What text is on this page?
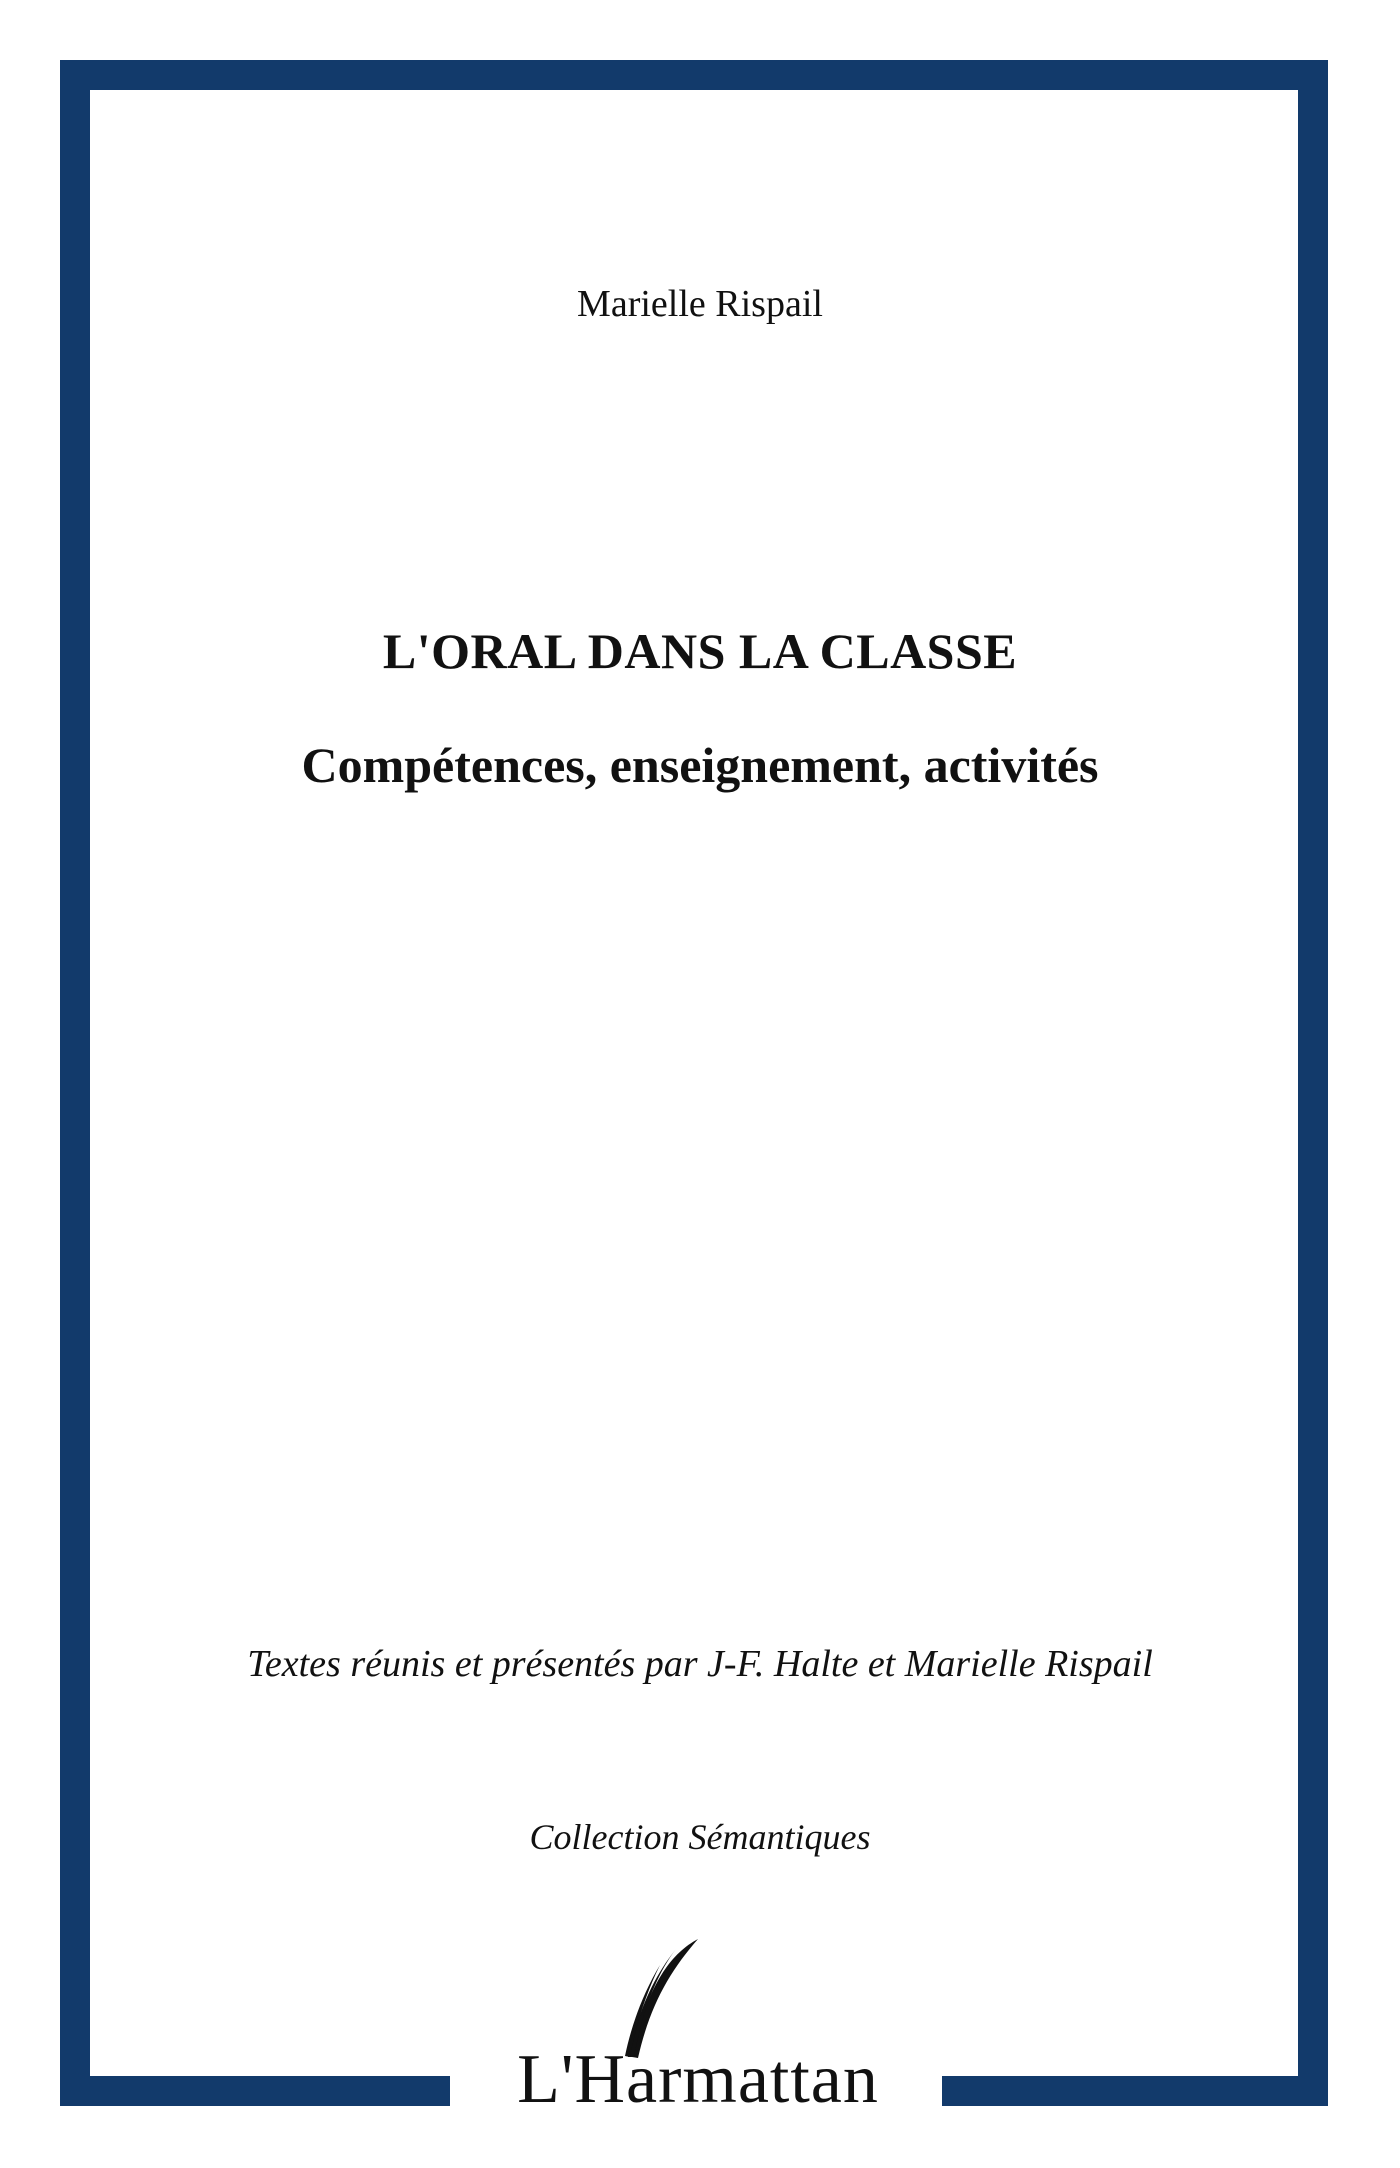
Marielle Rispail
L'ORAL DANS LA CLASSE
Compétences, enseignement, activités
Textes réunis et présentés par J-F. Halte et Marielle Rispail
Collection Sémantiques
L'Harmattan
